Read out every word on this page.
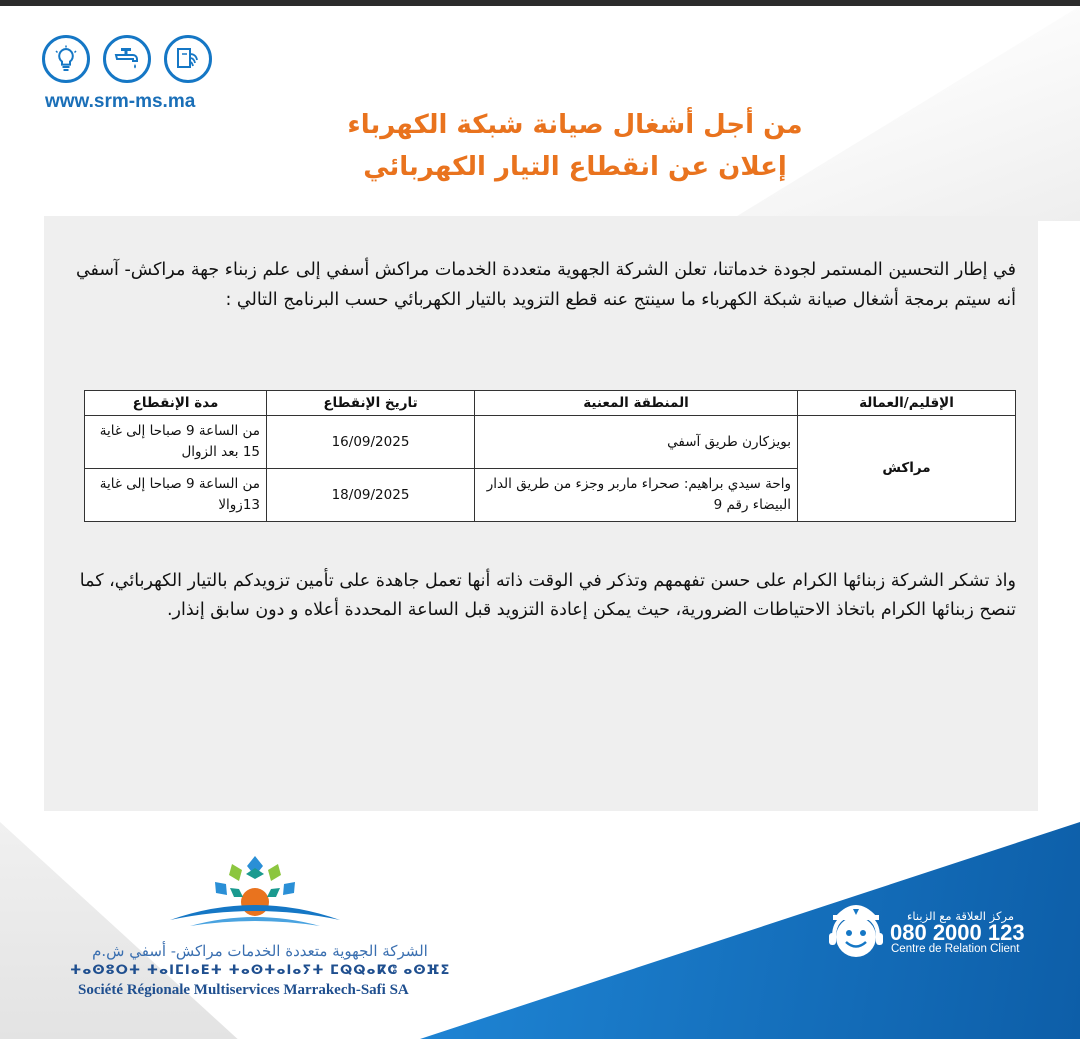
www.srm-ms.ma
من أجل أشغال صيانة شبكة الكهرباء
إعلان عن انقطاع التيار الكهربائي

في إطار التحسين المستمر لجودة خدماتنا، تعلن الشركة الجهوية متعددة الخدمات مراكش أسفي إلى علم زبناء جهة مراكش- آسفي أنه سيتم برمجة أشغال صيانة شبكة الكهرباء ما سينتج عنه قطع التزويد بالتيار الكهربائي حسب البرنامج التالي :

الإقليم/العمالة	المنطقة المعنية	تاريخ الإنقطاع	مدة الإنقطاع
مراكش	بويزكارن طريق آسفي	16/09/2025	من الساعة 9 صباحا إلى غاية 15 بعد الزوال
	واحة سيدي براهيم: صحراء ماربر وجزء من طريق الدار البيضاء رقم 9	18/09/2025	من الساعة 9 صباحا إلى غاية 13زوالا

واذ تشكر الشركة زبنائها الكرام على حسن تفهمهم وتذكر في الوقت ذاته أنها تعمل جاهدة على تأمين تزويدكم بالتيار الكهربائي، كما تنصح زبنائها الكرام باتخاذ الاحتياطات الضرورية، حيث يمكن إعادة التزويد قبل الساعة المحددة أعلاه و دون سابق إنذار.

الشركة الجهوية متعددة الخدمات مراكش- أسفي ش.م
ⵜⴰⵙⵓⵔⵜ ⵜⴰⵏⵎⵏⴰⴹⵜ ⵜⴰⵙⵜⴰⵏⴰⵢⵜ ⵎⵕⵕⴰⴽⵛ ⴰⵙⴼⵉ
Société Régionale Multiservices Marrakech-Safi SA
مركز العلاقة مع الزبناء
080 2000 123
Centre de Relation Client
